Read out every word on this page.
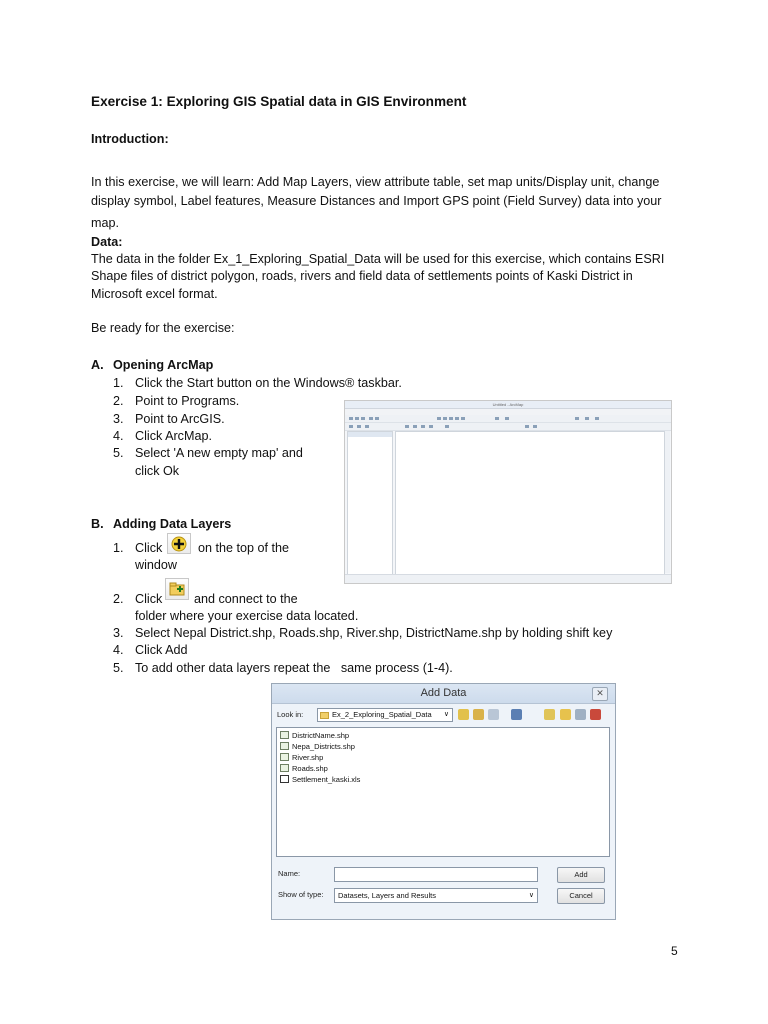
Exercise 1: Exploring GIS Spatial data in GIS Environment
Introduction:
In this exercise, we will learn: Add Map Layers, view attribute table, set map units/Display unit, change
display symbol, Label features, Measure Distances and Import GPS point (Field Survey) data into your
map.
Data:
The data in the folder Ex_1_Exploring_Spatial_Data will be used for this exercise, which contains ESRI
Shape files of district polygon, roads, rivers and field data of settlements points of Kaski District in
Microsoft excel format.
Be ready for the exercise:
A. Opening ArcMap
1. Click the Start button on the Windows® taskbar.
2. Point to Programs.
3. Point to ArcGIS.
4. Click ArcMap.
5. Select 'A new empty map' and
click Ok
Untitled - ArcMap
B. Adding Data Layers
1. Click	on the top of the
window
2. Click	and connect to the
folder where your exercise data located.
3. Select Nepal District.shp, Roads.shp, River.shp, DistrictName.shp by holding shift key
4. Click Add
5. To add other data layers repeat the   same process (1-4).
Add Data	✕
Look in:	Ex_2_Exploring_Spatial_Data ∨
DistrictName.shp
Nepa_Districts.shp
River.shp
Roads.shp
Settlement_kaski.xls
Name:	Add
Show of type:	Datasets, Layers and Results	∨	Cancel
5
